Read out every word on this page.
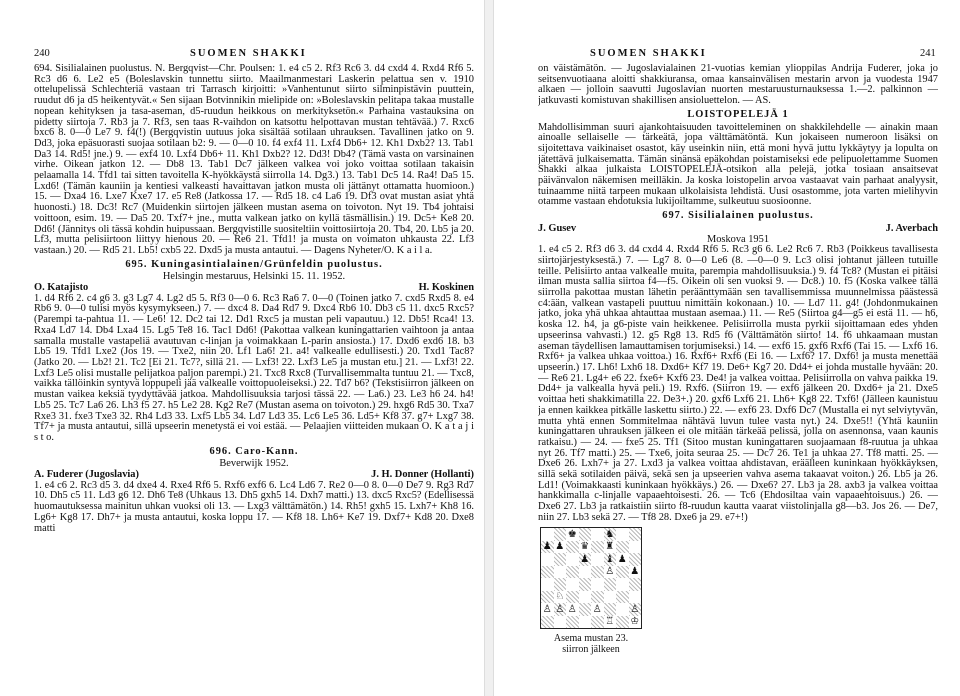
240	SUOMEN SHAKKI

694. Sisilialainen puolustus. N. Bergqvist—Chr. Poulsen: 1. e4 c5 2. Rf3 Rc6 3. d4 cxd4 4. Rxd4 Rf6 5. Rc3 d6 6. Le2 e5 (Boleslavskin tunnettu siirto. Maailmanmestari Laskerin pelattua sen v. 1910 ottelupelissä Schlechteriä vastaan tri Tarrasch kirjoitti: »Vanhentunut siirto silminpistävin puuttein, ruudut d6 ja d5 heikentyvät.« Sen sijaan Botvinnikin mielipide on: »Boleslavskin pelitapa takaa mustalle nopean kehityksen ja tasa-aseman, d5-ruudun heikkous on merkityksetön.« Parhaina vastauksina on pidetty siirtoja 7. Rb3 ja 7. Rf3, sen taas R-vaihdon on katsottu helpottavan mustan tehtävää.) 7. Rxc6 bxc6 8. 0—0 Le7 9. f4(!) (Bergqvistin uutuus joka sisältää sotilaan uhrauksen. Tavallinen jatko on 9. Dd3, joka epäsuorasti suojaa sotilaan b2: 9. — 0—0 10. f4 exf4 11. Lxf4 Db6+ 12. Kh1 Dxb2? 13. Tab1 Da3 14. Rd5! jne.) 9. — exf4 10. Lxf4 Db6+ 11. Kh1 Dxb2? 12. Dd3! Db4? (Tämä vasta on varsinainen virhe. Oikean jatkon 12. — Db8 13. Tab1 Dc7 jälkeen valkea voi joko voittaa sotilaan takaisin pelaamalla 14. Tfd1 tai sitten tavoitella K-hyökkäystä siirrolla 14. Dg3.) 13. Tab1 Dc5 14. Ra4! Da5 15. Lxd6! (Tämän kauniin ja kentiesi valkeasti havaittavan jatkon musta oli jättänyt ottamatta huomioon.) 15. — Dxa4 16. Lxe7 Kxe7 17. e5 Re8 (Jatkossa 17. — Rd5 18. c4 La6 19. Df3 ovat mustan asiat yhtä huonosti.) 18. Dc3! Rc7 (Muidenkin siirtojen jälkeen mustan asema on toivoton. Nyt 19. Tb4 johtaisi voittoon, esim. 19. — Da5 20. Txf7+ jne., mutta valkean jatko on kyllä täsmällisin.) 19. Dc5+ Ke8 20. Dd6! (Jännitys oli tässä kohdin huipussaan. Bergqvistille suositeltiin voittosiirtoja 20. Tb4, 20. Lb5 ja 20. Lf3, mutta pelisiirtoon liittyy hienous 20. — Re6 21. Tfd1! ja musta on voimaton uhkausta 22. Lf3 vastaan.) 20. — Rd5 21. Lb5! cxb5 22. Dxd5 ja musta antautui. — Dagens Nyheter/O. K a i l a.

695. Kuningasintialainen/Grünfeldin puolustus.
Helsingin mestaruus, Helsinki 15. 11. 1952.
O. Katajisto	H. Koskinen

1. d4 Rf6 2. c4 g6 3. g3 Lg7 4. Lg2 d5 5. Rf3 0—0 6. Rc3 Ra6 7. 0—0 (Toinen jatko 7. cxd5 Rxd5 8. e4 Rb6 9. 0—0 tulisi myös kysymykseen.) 7. — dxc4 8. Da4 Rd7 9. Dxc4 Rb6 10. Db3 c5 11. dxc5 Rxc5? (Parempi ta-pahtua 11. — Le6! 12. Dc2 tai 12. Dd1 Rxc5 ja mustan peli vapautuu.) 12. Db5! Rca4! 13. Rxa4 Ld7 14. Db4 Lxa4 15. Lg5 Te8 16. Tac1 Dd6! (Pakottaa valkean kuningattarien vaihtoon ja antaa samalla mustalle vastapeliä avautuvan c-linjan ja voimakkaan L-parin ansiosta.) 17. Dxd6 exd6 18. b3 Lb5 19. Tfd1 Lxe2 (Jos 19. — Txe2, niin 20. Lf1 La6! 21. a4! valkealle edullisesti.) 20. Txd1 Tac8? (Jatko 20. — Lb2! 21. Tc2 [Ei 21. Tc7?, sillä 21. — Lxf3! 22. Lxf3 Le5 ja mustan etu.] 21. — Lxf3! 22. Lxf3 Le5 olisi mustalle pelijatkoa paljon parempi.) 21. Txc8 Rxc8 (Turvallisemmalta tuntuu 21. — Txc8, vaikka tällöinkin syntyvä loppupeli jää valkealle voittopuoleiseksi.) 22. Td7 b6? (Tekstisiirron jälkeen on mustan vaikea keksiä tyydyttävää jatkoa. Mahdollisuuksia tarjosi tässä 22. — La6.) 23. Le3 h6 24. h4! Lb5 25. Tc7 La6 26. Lh3 f5 27. h5 Le2 28. Kg2 Re7 (Mustan asema on toivoton.) 29. hxg6 Rd5 30. Txa7 Rxe3 31. fxe3 Txe3 32. Rh4 Ld3 33. Lxf5 Lb5 34. Ld7 Ld3 35. Lc6 Le5 36. Ld5+ Kf8 37. g7+ Lxg7 38. Tf7+ ja musta antautui, sillä upseerin menetystä ei voi estää. — Pelaajien viitteiden mukaan O. K a t a j i s t o.

696. Caro-Kann.
Beverwijk 1952.
A. Fuderer (Jugoslavia)	J. H. Donner (Hollanti)

1. e4 c6 2. Rc3 d5 3. d4 dxe4 4. Rxe4 Rf6 5. Rxf6 exf6 6. Lc4 Ld6 7. Re2 0—0 8. 0—0 De7 9. Rg3 Rd7 10. Dh5 c5 11. Ld3 g6 12. Dh6 Te8 (Uhkaus 13. Dh5 gxh5 14. Dxh7 matti.) 13. dxc5 Rxc5? (Edellisessä huomautuksessa mainitun uhkan vuoksi oli 13. — Lxg3 välttämätön.) 14. Rh5! gxh5 15. Lxh7+ Kh8 16. Lg6+ Kg8 17. Dh7+ ja musta antautui, koska loppu 17. — Kf8 18. Lh6+ Ke7 19. Dxf7+ Kd8 20. Dxe8 matti

SUOMEN SHAKKI	241

on väistämätön. — Jugoslavialainen 21-vuotias kemian ylioppilas Andrija Fuderer, joka jo seitsenvuotiaana aloitti shakkiuransa, omaa kansainvälisen mestarin arvon ja vuodesta 1947 alkaen — jolloin saavutti Jugoslavian nuorten mestaruusturnauksessa 1.—2. palkinnon — jatkuvasti komistuvan shakillisen ansioluettelon. — AS.

LOISTOPELEJÄ 1

Mahdollisimman suuri ajankohtaisuuden tavoitteleminen on shakkilehdelle — ainakin maan ainoalle sellaiselle — tärkeätä, jopa välttämätöntä. Kun jokaiseen numeroon lisäksi on sijoitettava vaikinaiset osastot, käy useinkin niin, että moni hyvä juttu lykkäytyy ja lopulta on jätettävä julkaisematta. Tämän sinänsä epäkohdan poistamiseksi ede pelipuolettamme Suomen Shakki alkaa julkaista LOISTOPELEJÄ-otsikon alla pelejä, jotka tosiaan ansaitsevat päivänvalon näkemisen meilläkin. Ja koska loistopelin arvoa vastaavat vain parhaat analyysit, tuinaamme niitä tarpeen mukaan ulkolaisista lehdistä. Uusi osastomme, jota varten mielihyvin otamme vastaan ehdotuksia lukijoiltamme, sulkeutuu suosioonne.

697. Sisilialainen puolustus.
J. Gusev	J. Averbach
Moskova 1951

1. e4 c5 2. Rf3 d6 3. d4 cxd4 4. Rxd4 Rf6 5. Rc3 g6 6. Le2 Rc6 7. Rb3 (Poikkeus tavallisesta siirtojärjestyksestä.) 7. — Lg7 8. 0—0 Le6 (8. —0—0 9. Lc3 olisi johtanut jälleen tutuille teille. Pelisiirto antaa valkealle muita, parempia mahdollisuuksia.) 9. f4 Tc8? (Mustan ei pitäisi ilman musta sallia siirtoa f4—f5. Oikein oli sen vuoksi 9. — Dc8.) 10. f5 (Koska valkee tällä siirrolla pakottaa mustan lähetin peräänttymään sen tavallisemmissa muunnelmissa päästessä c4:ään, valkean vastapeli puuttuu nimittäin kokonaan.) 10. — Ld7 11. g4! (Johdonmukainen jatko, joka yhä uhkaa ahtauttaa mustaan asemaa.) 11. — Re5 (Siirtoa g4—g5 ei estä 11. — h6, koska 12. h4, ja g6-piste vain heikkenee. Pelisiirrolla musta pyrkii sijoittamaan edes yhden upseerinsa vahvasti.) 12. g5 Rg8 13. Rd5 f6 (Välttämätön siirto! 14. f6 uhkaamaan mustan aseman täydellisen lamauttamisen torjumiseksi.) 14. — exf6 15. gxf6 Rxf6 (Tai 15. — Lxf6 16. Rxf6+ ja valkea uhkaa voittoa.) 16. Rxf6+ Rxf6 (Ei 16. — Lxf6? 17. Dxf6! ja musta menettää upseerin.) 17. Lh6! Lxh6 18. Dxd6+ Kf7 19. De6+ Kg7 20. Dd4+ ei johda mustalle hyvään: 20. — Re6 21. Lg4+ e6 22. fxe6+ Kxf6 23. De4! ja valkea voittaa. Pelisiirrolla on vahva paikka 19. Dd4+ ja valkealla hyvä peli.) 19. Rxf6. (Siirron 19. — exf6 jälkeen 20. Dxd6+ ja 21. Dxe5 voittaa heti shakkimatilla 22. De3+.) 20. gxf6 Lxf6 21. Lh6+ Kg8 22. Txf6! (Jälleen kaunistuu ja ennen kaikkea pitkälle laskettu siirto.) 22. — exf6 23. Dxf6 Dc7 (Mustalla ei nyt selviytyvän, mutta yhtä ennen Sommitelmaa nähtävä luvun tulee vasta nyt.) 24. Dxe5!! (Yhtä kauniin kuningattaren uhrauksen jälkeen ei ole mitään tärkeää pelissä, jolla on asennonsa, vaan kaunis ratkaisu.) — 24. — fxe5 25. Tf1 (Sitoo mustan kuningattaren suojaamaan f8-ruutua ja uhkaa nyt 26. Tf7 matti.) 25. — Txe6, joita seuraa 25. — Dc7 26. Te1 ja uhkaa 27. Tf8 matti. 25. — Dxe6 26. Lxh7+ ja 27. Lxd3 ja valkea voittaa ahdistavan, eräälleen kuninkaan hyökkäyksen, sillä sekä sotilaiden päivä, sekä sen ja upseerien vahva asema takaavat voiton.) 26. Lb5 ja 26. Ld1! (Voimakkaasti kuninkaan hyökkäys.) 26. — Dxe6? 27. Lb3 ja 28. axb3 ja valkea voittaa hankkimalla c-linjalle vapaaehtoisesti. 26. — Tc6 (Ehdosiltaa vain vapaaehtoisuus.) 26. — Dxe6 27. Lb3 ja ratkaistiin siirto f8-ruudun kautta vaarat viistolinjalla g8—b3. Jos 26. — De7, niin 27. Lb3 sekä 27. — Tf8 28. Dxe6 ja 29. e7+!)

♚	♞
♟ ♟ ♛ ♜
♟ ♝ ♟
♙ ♟
♘
♙ ♙ ♙ ♙	♙
♖ ♔
Asema mustan 23.
siirron jälkeen
